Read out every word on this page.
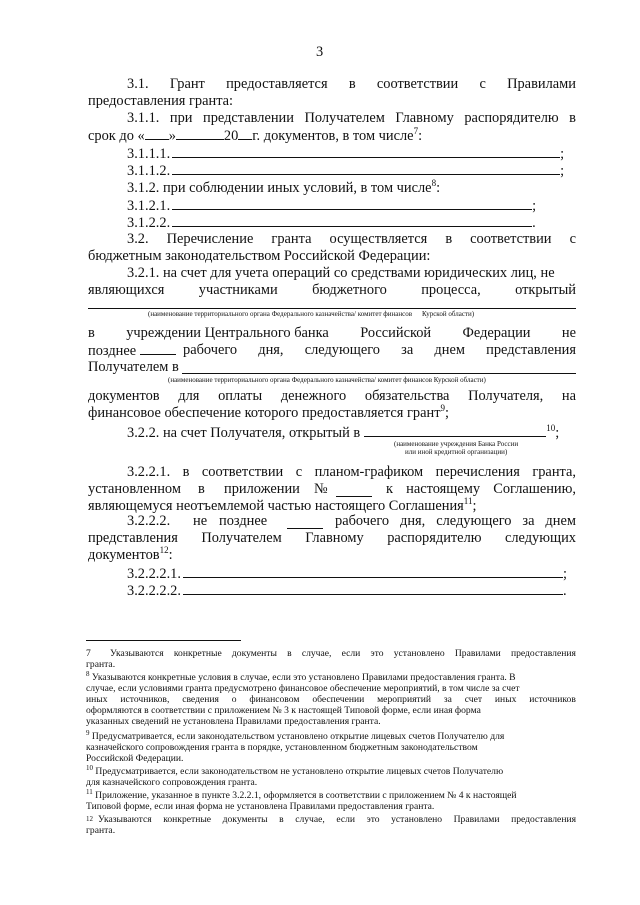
3
3.1. Грант предоставляется в соответствии с Правилами
предоставления гранта:
3.1.1. при представлении Получателем Главному распорядителю в
срок до « »	20 г. документов, в том числе$^7$:
3.1.1.1.	;
3.1.1.2.	;
3.1.2. при соблюдении иных условий, в том числе$^8$:
3.1.2.1.	;
3.1.2.2.	.
3.2. Перечисление гранта осуществляется в соответствии с
бюджетным законодательством Российской Федерации:
3.2.1. на счет для учета операций со средствами юридических лиц, не
являющихся участниками бюджетного процесса, открытый
(наименование территориального органа Федерального казначейства/ комитет финансов Курской области)
в учреждении Центрального банка Российской Федерации не
позднее	рабочего дня, следующего за днем представления
Получателем в
(наименование территориального органа Федерального казначейства/ комитет финансов Курской области)
документов для оплаты денежного обязательства Получателя, на
финансовое обеспечение которого предоставляется грант$^9$;
3.2.2. на счет Получателя, открытый в	$^{10}$;
(наименование учреждения Банка России
или иной кредитной организации)
3.2.2.1. в соответствии с планом-графиком перечисления гранта,
установленном в приложении №	к настоящему Соглашению,
являющемуся неотъемлемой частью настоящего Соглашения$^{11}$;
3.2.2.2. не позднее	рабочего дня, следующего за днем
представления Получателем Главному распорядителю следующих
документов$^{12}$:
3.2.2.2.1.	;
3.2.2.2.2.	.
7	Указываются конкретные документы в случае, если это установлено Правилами предоставления
гранта.
$^8$ Указываются конкретные условия в случае, если это установлено Правилами предоставления гранта. В
случае, если условиями гранта предусмотрено финансовое обеспечение мероприятий, в том числе за счет
иных источников, сведения о финансовом обеспечении мероприятий за счет иных источников
оформляются в соответствии с приложением № 3 к настоящей Типовой форме, если иная форма
указанных сведений не установлена Правилами предоставления гранта.
$^9$ Предусматривается, если законодательством установлено открытие лицевых счетов Получателю для
казначейского сопровождения гранта в порядке, установленном бюджетным законодательством
Российской Федерации.
$^{10}$ Предусматривается, если законодательством не установлено открытие лицевых счетов Получателю
для казначейского сопровождения гранта.
$^{11}$ Приложение, указанное в пункте 3.2.2.1, оформляется в соответствии с приложением № 4 к настоящей
Типовой форме, если иная форма не установлена Правилами предоставления гранта.
12 Указываются конкретные документы в случае, если это установлено Правилами предоставления
гранта.
